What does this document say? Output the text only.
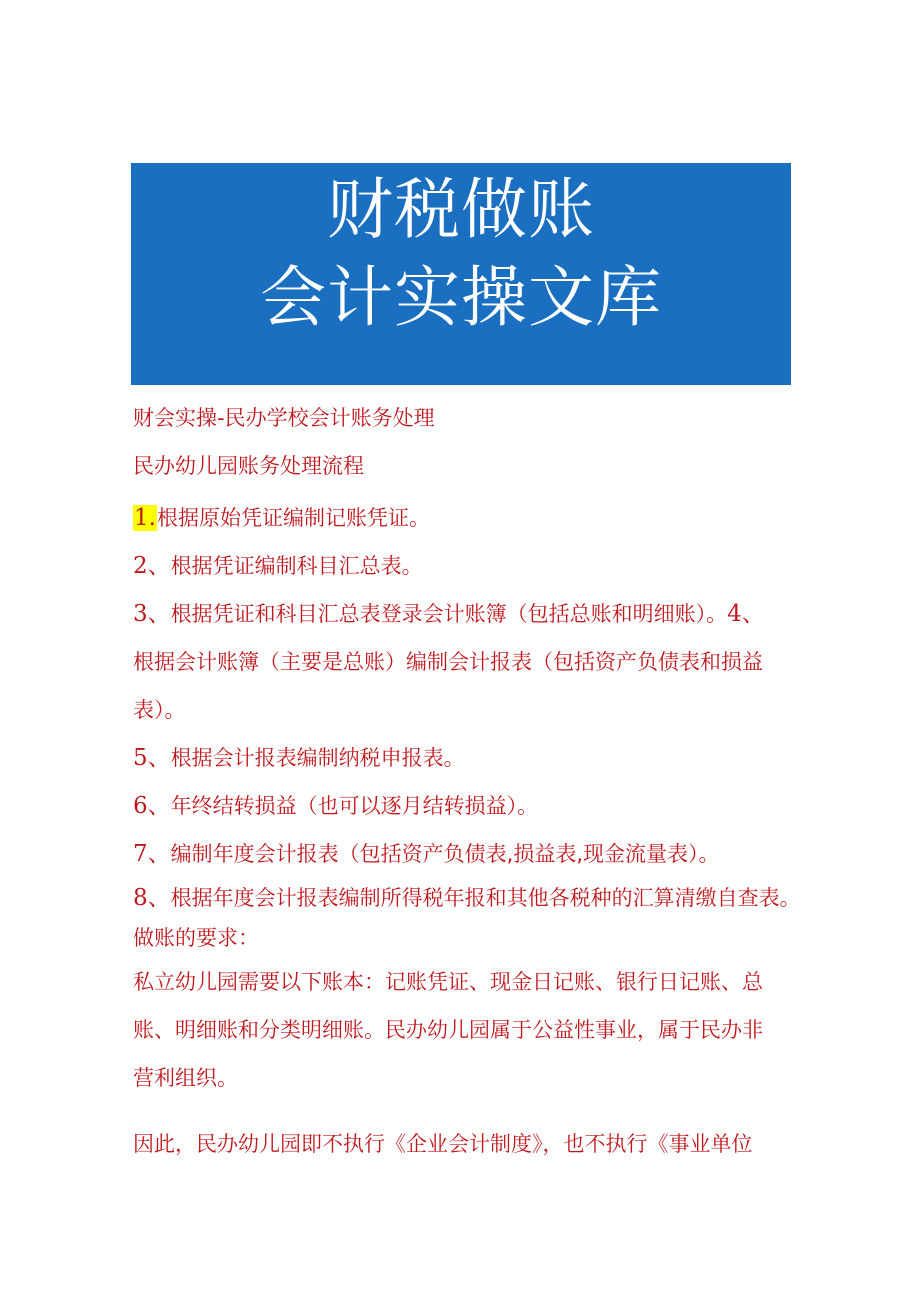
财税做账
会计实操文库
财会实操-民办学校会计账务处理
民办幼儿园账务处理流程
1.根据原始凭证编制记账凭证。
2、根据凭证编制科目汇总表。
3、根据凭证和科目汇总表登录会计账簿（包括总账和明细账）。4、
根据会计账簿（主要是总账）编制会计报表（包括资产负债表和损益
表）。
5、根据会计报表编制纳税申报表。
6、年终结转损益（也可以逐月结转损益）。
7、编制年度会计报表（包括资产负债表,损益表,现金流量表）。
8、根据年度会计报表编制所得税年报和其他各税种的汇算清缴自查表。
做账的要求：
私立幼儿园需要以下账本：记账凭证、现金日记账、银行日记账、总
账、明细账和分类明细账。民办幼儿园属于公益性事业，属于民办非
营利组织。
因此，民办幼儿园即不执行《企业会计制度》，也不执行《事业单位
